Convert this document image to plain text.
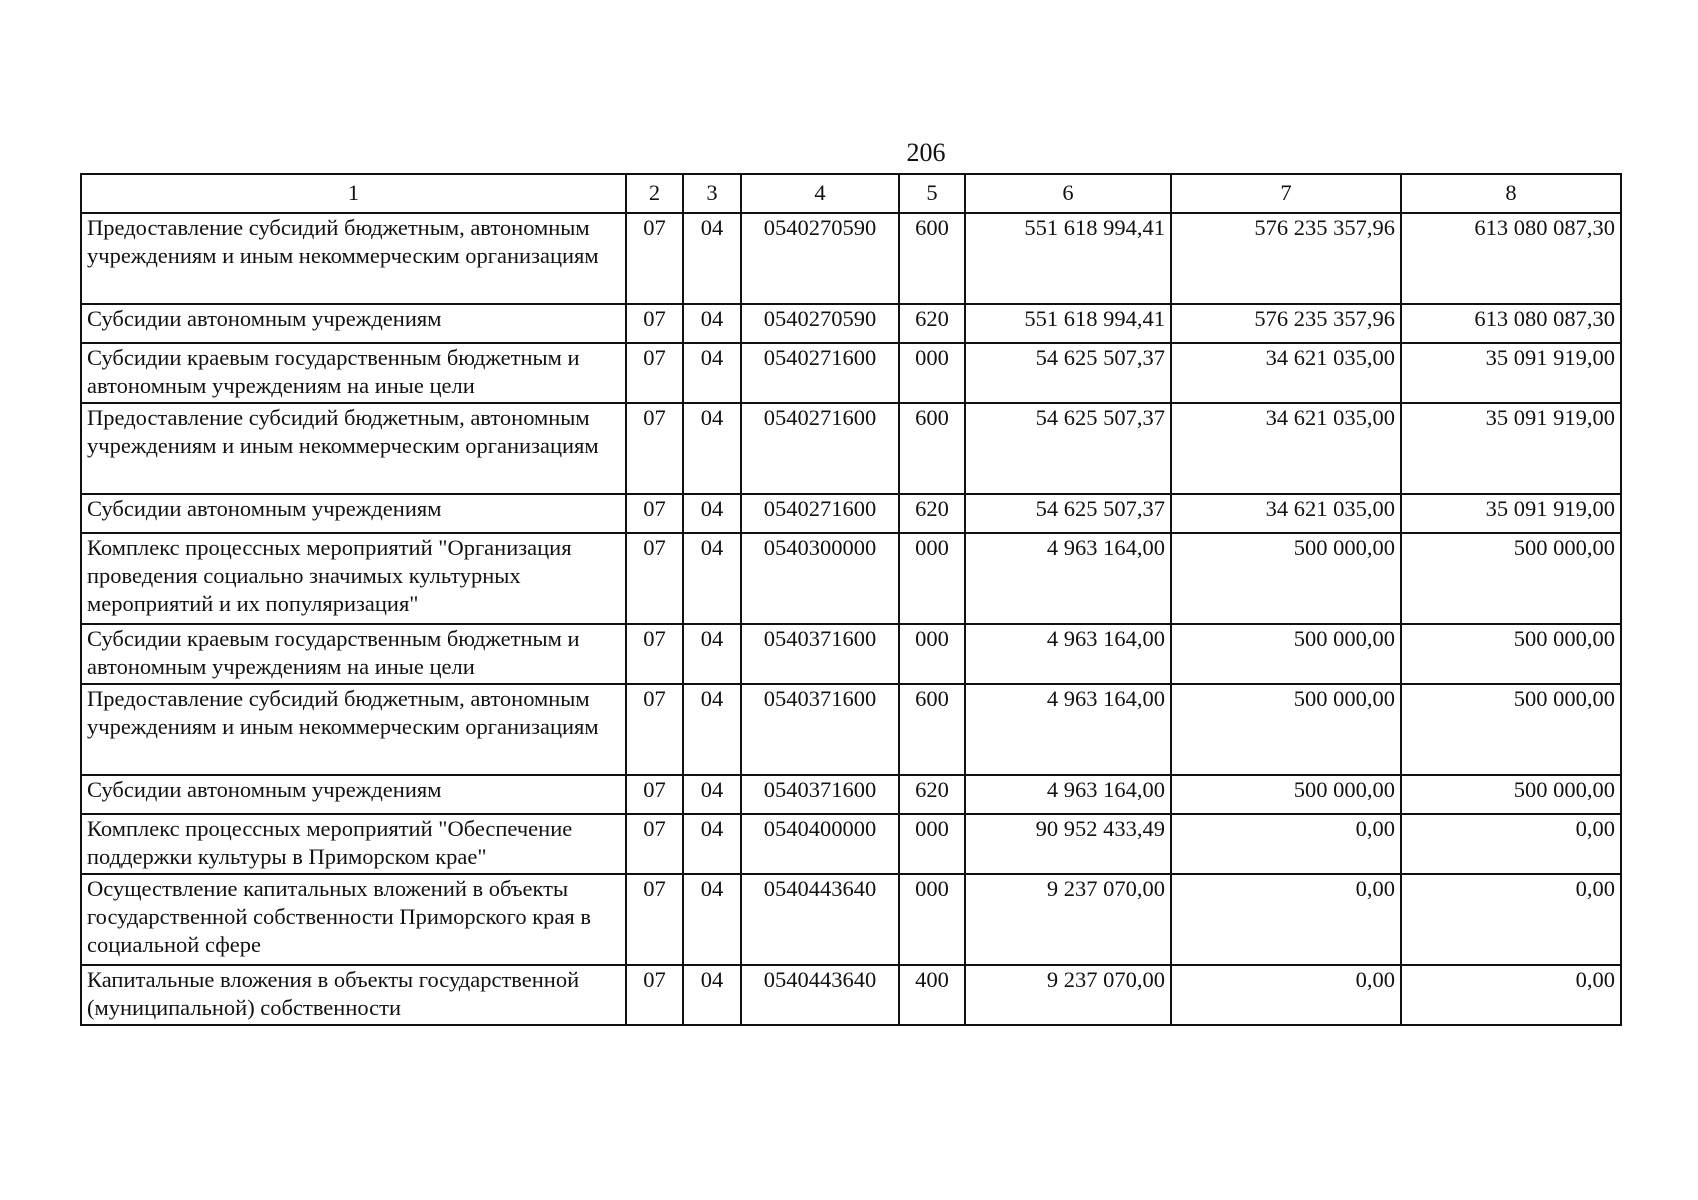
206
1	2	3	4	5	6	7	8
Предоставление субсидий бюджетным, автономным учреждениям и иным некоммерческим организациям	07	04	0540270590	600	551 618 994,41	576 235 357,96	613 080 087,30
Субсидии автономным учреждениям	07	04	0540270590	620	551 618 994,41	576 235 357,96	613 080 087,30
Субсидии краевым государственным бюджетным и автономным учреждениям на иные цели	07	04	0540271600	000	54 625 507,37	34 621 035,00	35 091 919,00
Предоставление субсидий бюджетным, автономным учреждениям и иным некоммерческим организациям	07	04	0540271600	600	54 625 507,37	34 621 035,00	35 091 919,00
Субсидии автономным учреждениям	07	04	0540271600	620	54 625 507,37	34 621 035,00	35 091 919,00
Комплекс процессных мероприятий "Организация проведения социально значимых культурных мероприятий и их популяризация"	07	04	0540300000	000	4 963 164,00	500 000,00	500 000,00
Субсидии краевым государственным бюджетным и автономным учреждениям на иные цели	07	04	0540371600	000	4 963 164,00	500 000,00	500 000,00
Предоставление субсидий бюджетным, автономным учреждениям и иным некоммерческим организациям	07	04	0540371600	600	4 963 164,00	500 000,00	500 000,00
Субсидии автономным учреждениям	07	04	0540371600	620	4 963 164,00	500 000,00	500 000,00
Комплекс процессных мероприятий "Обеспечение поддержки культуры в Приморском крае"	07	04	0540400000	000	90 952 433,49	0,00	0,00
Осуществление капитальных вложений в объекты государственной собственности Приморского края в социальной сфере	07	04	0540443640	000	9 237 070,00	0,00	0,00
Капитальные вложения в объекты государственной (муниципальной) собственности	07	04	0540443640	400	9 237 070,00	0,00	0,00
